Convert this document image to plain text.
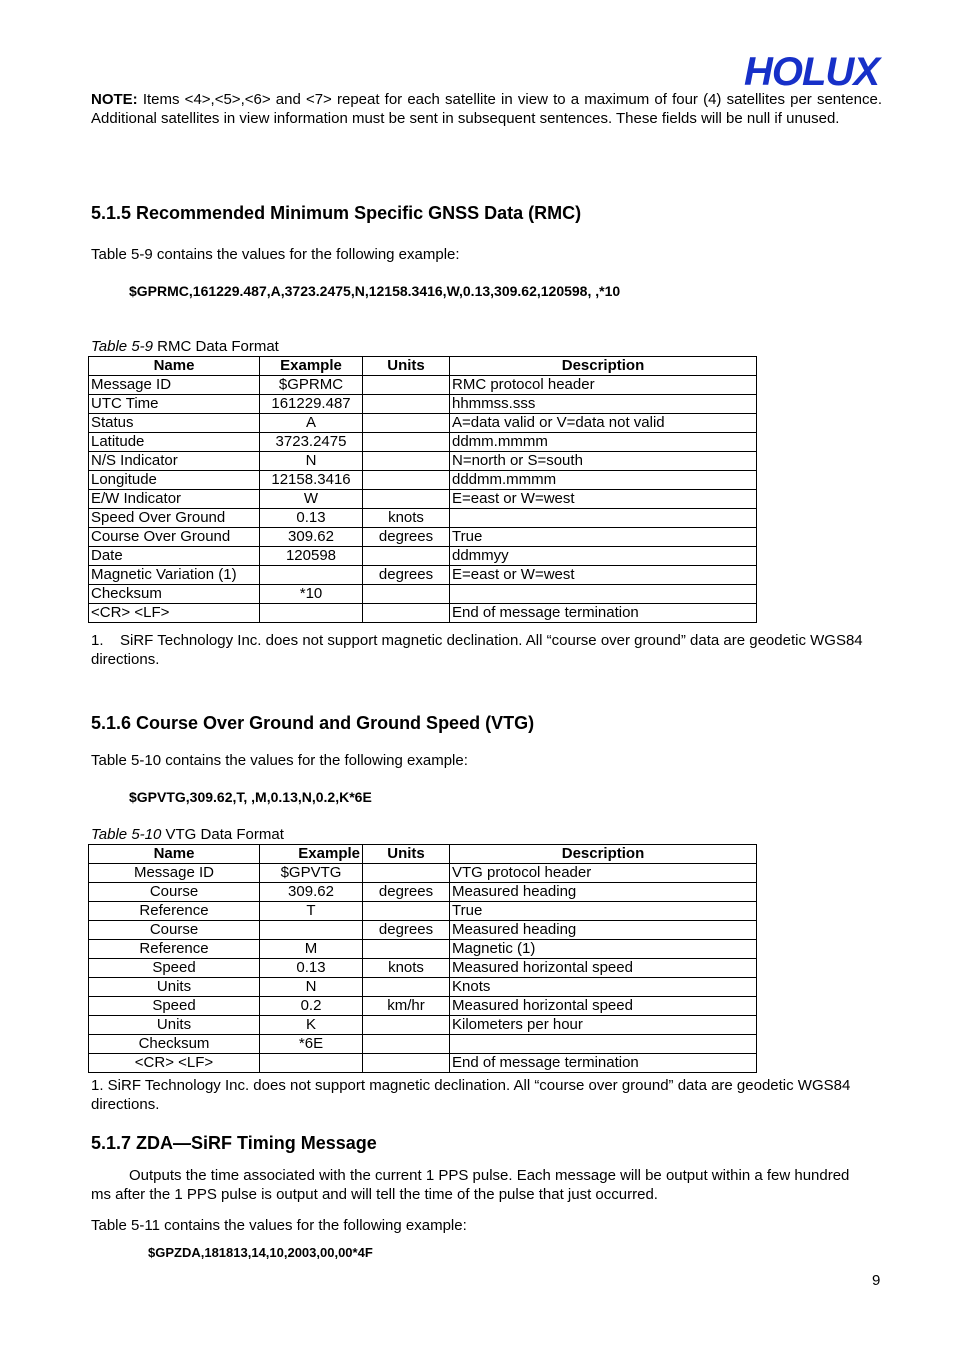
HOLUX
NOTE: Items <4>,<5>,<6> and <7> repeat for each satellite in view to a maximum of four (4) satellites per sentence. Additional satellites in view information must be sent in subsequent sentences. These fields will be null if unused.
5.1.5 Recommended Minimum Specific GNSS Data (RMC)
Table 5-9 contains the values for the following example:
$GPRMC,161229.487,A,3723.2475,N,12158.3416,W,0.13,309.62,120598, ,*10
Table 5-9 RMC Data Format
Name	Example	Units	Description
Message ID	$GPRMC		RMC protocol header
UTC Time	161229.487		hhmmss.sss
Status	A		A=data valid or V=data not valid
Latitude	3723.2475		ddmm.mmmm
N/S Indicator	N		N=north or S=south
Longitude	12158.3416		dddmm.mmmm
E/W Indicator	W		E=east or W=west
Speed Over Ground	0.13	knots	
Course Over Ground	309.62	degrees	True
Date	120598		ddmmyy
Magnetic Variation (1)		degrees	E=east or W=west
Checksum	*10		
<CR> <LF>			End of message termination
1. SiRF Technology Inc. does not support magnetic declination. All “course over ground” data are geodetic WGS84 directions.
5.1.6 Course Over Ground and Ground Speed (VTG)
Table 5-10 contains the values for the following example:
$GPVTG,309.62,T, ,M,0.13,N,0.2,K*6E
Table 5-10 VTG Data Format
Name	Example	Units	Description
Message ID	$GPVTG		VTG protocol header
Course	309.62	degrees	Measured heading
Reference	T		True
Course		degrees	Measured heading
Reference	M		Magnetic (1)
Speed	0.13	knots	Measured horizontal speed
Units	N		Knots
Speed	0.2	km/hr	Measured horizontal speed
Units	K		Kilometers per hour
Checksum	*6E		
<CR> <LF>			End of message termination
1. SiRF Technology Inc. does not support magnetic declination. All “course over ground” data are geodetic WGS84 directions.
5.1.7 ZDA—SiRF Timing Message
Outputs the time associated with the current 1 PPS pulse. Each message will be output within a few hundred ms after the 1 PPS pulse is output and will tell the time of the pulse that just occurred.
Table 5-11 contains the values for the following example:
$GPZDA,181813,14,10,2003,00,00*4F
9
